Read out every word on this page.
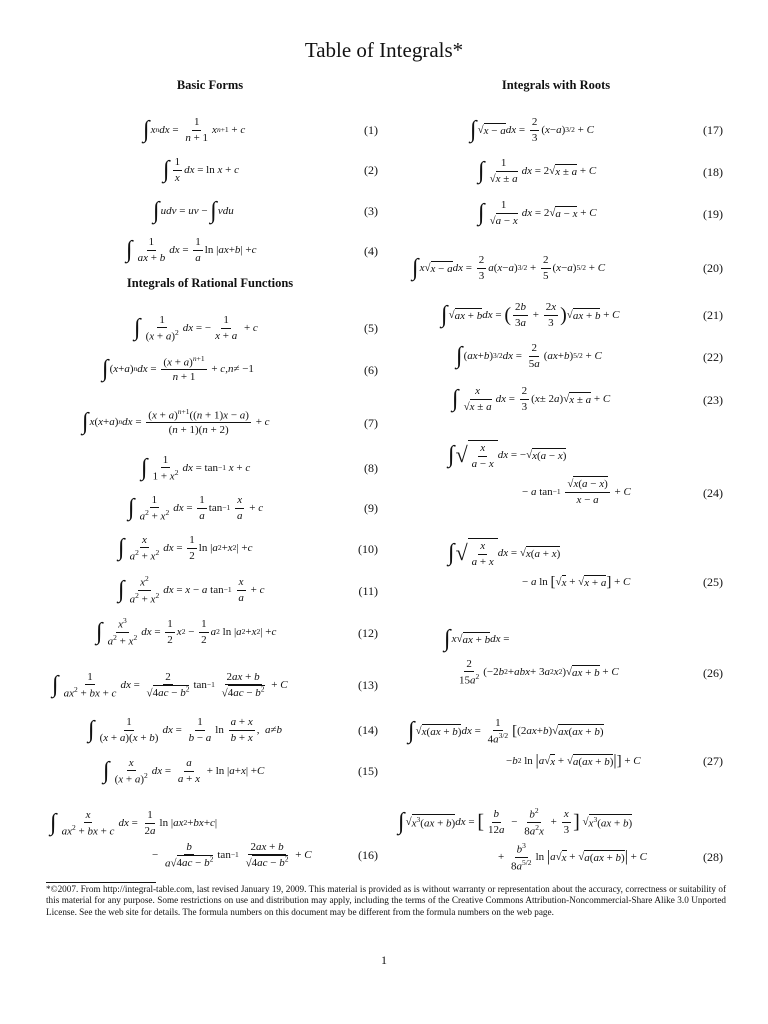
Table of Integrals*
Basic Forms
Integrals of Rational Functions
Integrals with Roots
∫ x n dx = $\frac{1}{n + 1}$ x n+1 + c
∫ $\frac{1}{x}$ dx = ln x + c
∫ udv = uv − ∫ vdu
∫ $\frac{1}{ax + b}$ dx = $\frac{1}{a}$ ln | ax + b | + c
∫ $\frac{1}{(x + a)^2}$ dx = − $\frac{1}{x + a} + c$
∫ ( x + a ) n dx = $\frac{(x + a)^{n+1}}{n + 1} + c$ , n ≠ −1
∫ x ( x + a ) n dx = $\frac{(x + a)^{n+1}((n + 1)x - a)}{(n + 1)(n + 2)} + c$
∫ $\frac{1}{1 + x^2}$ dx = tan −1
x + c
∫ $\frac{1}{a^2 + x^2}$ dx = $\frac{1}{a}$ tan −1
$\frac{x}{a} + c$
∫ $\frac{x}{a^2 + x^2}$ dx = $\frac{1}{2}$ ln | a 2 + x 2 | + c
∫ $\frac{x^2}{a^2 + x^2}$ dx = x − a tan −1
$\frac{x}{a} + c$
∫ $\frac{x^3}{a^2 + x^2}$ dx = $\frac{1}{2}$ x $2 - \frac{1}{2}$ a 2 ln | a 2 + x 2 | + c
∫ $\frac{1}{ax^2 + bx + c}$ dx = $\frac{2}{√4ac - b^2}$ tan −1
$\frac{2ax + b}{√4ac - b^2} + C$
∫ $\frac{1}{(x + a)(x + b)}$ dx = $\frac{1}{b - a}$ $\ln \frac{a + x}{b + x}$ , a ≠ b
∫ $\frac{x}{(x + a)^2}$ dx = $\frac{a}{a + x} + \ln$ | a + x | + C
∫ $\frac{x}{ax^2 + bx + c}$ dx = $\frac{1}{2a}$ ln | ax 2 + bx + c |
− $\frac{b}{a√4ac - b^2}$ tan −1
$\frac{2ax + b}{√4ac - b^2} + C$
∫ √ x − a dx = $\frac{2}{3}$ ( x − a ) 3/2 + C
∫ $\frac{1}{√x \pm a}$ dx = 2√ x ± a + C
∫ $\frac{1}{√a - x}$ dx = 2√ a − x + C
∫ x √ x − a dx = $\frac{2}{3}$ a ( x − a ) $3/2 + \frac{2}{5}$ ( x − a ) 5/2 + C
∫ √ ax + b dx = ( $\frac{2b}{3a} + \frac{2x}{3}$ ) √ ax + b + C
∫ ( ax + b ) 3/2 dx = $\frac{2}{5a}$ ( ax + b ) 5/2 + C
∫ $\frac{x}{√x \pm a}$ dx = $\frac{2}{3}$ ( x ± 2 a )√ x ± a + C
∫ √ $\frac{x}{a - x}$ dx = −√ x(a − x)
− a tan −1
$\frac{√x(a - x)}{x - a} + C$
∫ √ $\frac{x}{a + x}$ dx = √ x(a + x)
− a ln [ √ x + √ x + a ] + C
∫ x √ ax + b dx =
$\frac{2}{15a^2} (-2$ b 2 + abx + 3 a 2 x 2 )√ ax + b + C
∫ √ x(ax + b) dx = $\frac{1}{4a^{3/2}}$ [ (2 ax + b )√ ax(ax + b)
− b 2 ln | a √ x + √ a(ax + b) | ] + C
∫ √ $x^3(ax + b)$ dx = [ $\frac{b}{12a} - \frac{b^2}{8a^2x} + \frac{x}{3}$ ] √ $x^3(ax + b)$
+ $\frac{b^3}{8a^{5/2}}$ ln | a √ x + √ a(ax + b) | + C
(1)
(2)
(3)
(4)
(5)
(6)
(7)
(8)
(9)
(10)
(11)
(12)
(13)
(14)
(15)
(16)
(17)
(18)
(19)
(20)
(21)
(22)
(23)
(24)
(25)
(26)
(27)
(28)
*©2007. From http://integral-table.com, last revised January 19, 2009. This material is provided as is without warranty or representation about the accuracy, correctness or suitability of this material for any purpose. Some restrictions on use and distribution may apply, including the terms of the Creative Commons Attribution-Noncommercial-Share Alike 3.0 Unported License. See the web site for details. The formula numbers on this document may be different from the formula numbers on the web page.
1
